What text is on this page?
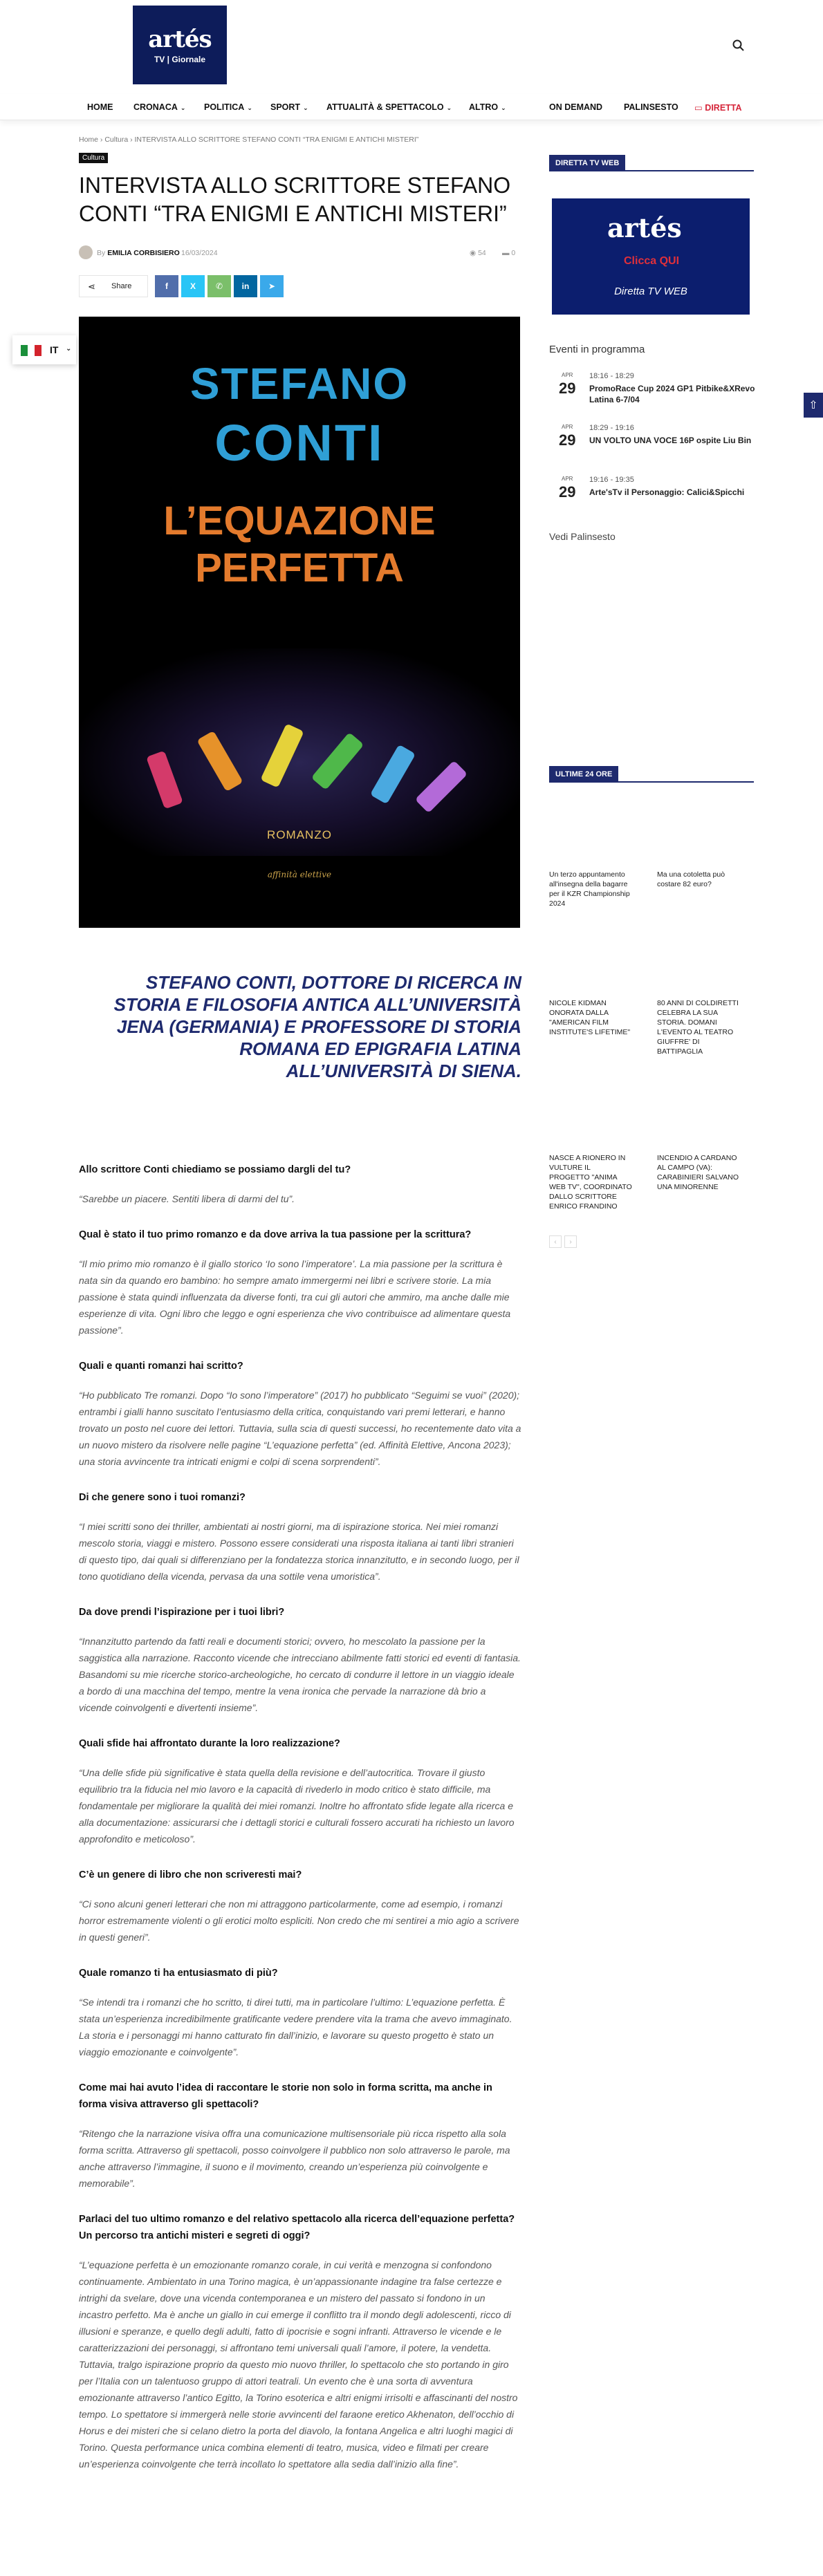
artés
TV | Giornale
HOME CRONACA ⌄ POLITICA ⌄ SPORT ⌄ ATTUALITÀ & SPETTACOLO ⌄ ALTRO ⌄	ON DEMAND PALINSESTO ▭ DIRETTA
Home › Cultura › INTERVISTA ALLO SCRITTORE STEFANO CONTI “TRA ENIGMI E ANTICHI MISTERI”
Cultura
INTERVISTA ALLO SCRITTORE STEFANO CONTI “TRA ENIGMI E ANTICHI MISTERI”
By EMILIA CORBISIERO 16/03/2024	◉ 54 ▬ 0
⋖ Share	f	X	✆	in	➤
IT ⌄
STEFANO
CONTI
L’EQUAZIONE
PERFETTA
ROMANZO
affinità elettive
STEFANO CONTI, DOTTORE DI RICERCA IN STORIA E FILOSOFIA ANTICA ALL’UNIVERSITÀ JENA (GERMANIA) E PROFESSORE DI STORIA ROMANA ED EPIGRAFIA LATINA ALL’UNIVERSITÀ DI SIENA.

Allo scrittore Conti chiediamo se possiamo dargli del tu?

“Sarebbe un piacere. Sentiti libera di darmi del tu”.

Qual è stato il tuo primo romanzo e da dove arriva la tua passione per la scrittura?

“Il mio primo mio romanzo è il giallo storico ‘Io sono l’imperatore’. La mia passione per la scrittura è nata sin da quando ero bambino: ho sempre amato immergermi nei libri e scrivere storie. La mia passione è stata quindi influenzata da diverse fonti, tra cui gli autori che ammiro, ma anche dalle mie esperienze di vita. Ogni libro che leggo e ogni esperienza che vivo contribuisce ad alimentare questa passione”.

Quali e quanti romanzi hai scritto?

“Ho pubblicato Tre romanzi. Dopo “Io sono l’imperatore” (2017) ho pubblicato “Seguimi se vuoi” (2020); entrambi i gialli hanno suscitato l’entusiasmo della critica, conquistando vari premi letterari, e hanno trovato un posto nel cuore dei lettori. Tuttavia, sulla scia di questi successi, ho recentemente dato vita a un nuovo mistero da risolvere nelle pagine “L’equazione perfetta” (ed. Affinità Elettive, Ancona 2023); una storia avvincente tra intricati enigmi e colpi di scena sorprendenti”.

Di che genere sono i tuoi romanzi?

“I miei scritti sono dei thriller, ambientati ai nostri giorni, ma di ispirazione storica. Nei miei romanzi mescolo storia, viaggi e mistero. Possono essere considerati una risposta italiana ai tanti libri stranieri di questo tipo, dai quali si differenziano per la fondatezza storica innanzitutto, e in secondo luogo, per il tono quotidiano della vicenda, pervasa da una sottile vena umoristica”.

Da dove prendi l’ispirazione per i tuoi libri?

“Innanzitutto partendo da fatti reali e documenti storici; ovvero, ho mescolato la passione per la saggistica alla narrazione. Racconto vicende che intrecciano abilmente fatti storici ed eventi di fantasia. Basandomi su mie ricerche storico-archeologiche, ho cercato di condurre il lettore in un viaggio ideale a bordo di una macchina del tempo, mentre la vena ironica che pervade la narrazione dà brio a vicende coinvolgenti e divertenti insieme”.

Quali sfide hai affrontato durante la loro realizzazione?

“Una delle sfide più significative è stata quella della revisione e dell’autocritica. Trovare il giusto equilibrio tra la fiducia nel mio lavoro e la capacità di rivederlo in modo critico è stato difficile, ma fondamentale per migliorare la qualità dei miei romanzi. Inoltre ho affrontato sfide legate alla ricerca e alla documentazione: assicurarsi che i dettagli storici e culturali fossero accurati ha richiesto un lavoro approfondito e meticoloso”.

C’è un genere di libro che non scriveresti mai?

“Ci sono alcuni generi letterari che non mi attraggono particolarmente, come ad esempio, i romanzi horror estremamente violenti o gli erotici molto espliciti. Non credo che mi sentirei a mio agio a scrivere in questi generi”.

Quale romanzo ti ha entusiasmato di più?

“Se intendi tra i romanzi che ho scritto, ti direi tutti, ma in particolare l’ultimo: L’equazione perfetta. È stata un’esperienza incredibilmente gratificante vedere prendere vita la trama che avevo immaginato. La storia e i personaggi mi hanno catturato fin dall’inizio, e lavorare su questo progetto è stato un viaggio emozionante e coinvolgente”.

Come mai hai avuto l’idea di raccontare le storie non solo in forma scritta, ma anche in forma visiva attraverso gli spettacoli?

“Ritengo che la narrazione visiva offra una comunicazione multisensoriale più ricca rispetto alla sola forma scritta. Attraverso gli spettacoli, posso coinvolgere il pubblico non solo attraverso le parole, ma anche attraverso l’immagine, il suono e il movimento, creando un’esperienza più coinvolgente e memorabile”.

Parlaci del tuo ultimo romanzo e del relativo spettacolo alla ricerca dell’equazione perfetta? Un percorso tra antichi misteri e segreti di oggi?

“L’equazione perfetta è un emozionante romanzo corale, in cui verità e menzogna si confondono continuamente. Ambientato in una Torino magica, è un’appassionante indagine tra false certezze e intrighi da svelare, dove una vicenda contemporanea e un mistero del passato si fondono in un incastro perfetto. Ma è anche un giallo in cui emerge il conflitto tra il mondo degli adolescenti, ricco di illusioni e speranze, e quello degli adulti, fatto di ipocrisie e sogni infranti. Attraverso le vicende e le caratterizzazioni dei personaggi, si affrontano temi universali quali l’amore, il potere, la vendetta. Tuttavia, tralgo ispirazione proprio da questo mio nuovo thriller, lo spettacolo che sto portando in giro per l’Italia con un talentuoso gruppo di attori teatrali. Un evento che è una sorta di avventura emozionante attraverso l’antico Egitto, la Torino esoterica e altri enigmi irrisolti e affascinanti del nostro tempo. Lo spettatore si immergerà nelle storie avvincenti del faraone eretico Akhenaton, dell’occhio di Horus e dei misteri che si celano dietro la porta del diavolo, la fontana Angelica e altri luoghi magici di Torino. Questa performance unica combina elementi di teatro, musica, video e filmati per creare un’esperienza coinvolgente che terrà incollato lo spettatore alla sedia dall’inizio alla fine”.

DIRETTA TV WEB
artés
Clicca QUI
Diretta TV WEB
Eventi in programma
APR
29
18:16 - 18:29
PromoRace Cup 2024 GP1 Pitbike&XRevo Latina 6-7/04
APR
29
18:29 - 19:16
UN VOLTO UNA VOCE 16P ospite Liu Bin
APR
29
19:16 - 19:35
Arte'sTv il Personaggio: Calici&Spicchi
Vedi Palinsesto
ULTIME 24 ORE
Un terzo appuntamento all'insegna della bagarre per il KZR Championship 2024
Ma una cotoletta può costare 82 euro?
NICOLE KIDMAN ONORATA DALLA "AMERICAN FILM INSTITUTE'S LIFETIME"
80 ANNI DI COLDIRETTI CELEBRA LA SUA STORIA. DOMANI L'EVENTO AL TEATRO GIUFFRE' DI BATTIPAGLIA
NASCE A RIONERO IN VULTURE IL PROGETTO "ANIMA WEB TV", COORDINATO DALLO SCRITTORE ENRICO FRANDINO
INCENDIO A CARDANO AL CAMPO (VA): CARABINIERI SALVANO UNA MINORENNE
‹	›
⇧
